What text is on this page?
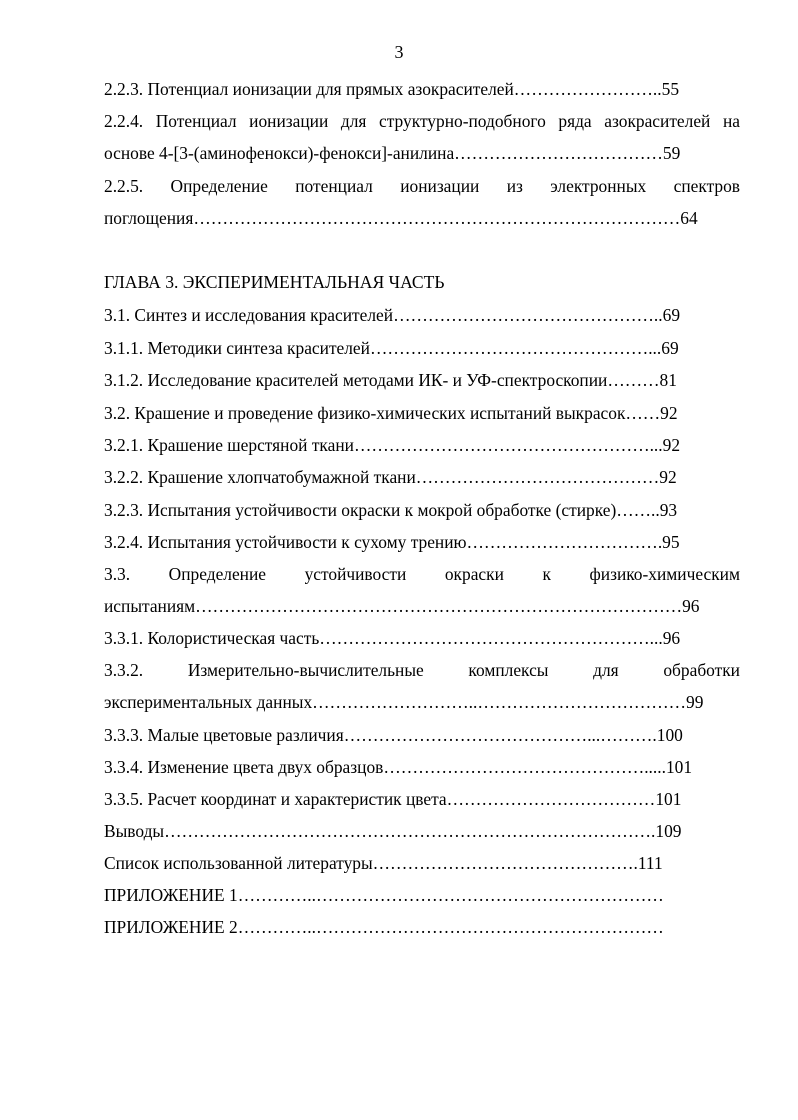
3
2.2.3. Потенциал ионизации для прямых азокрасителей……………………..55
2.2.4. Потенциал ионизации для структурно-подобного ряда азокрасителей на
основе 4-[3-(аминофенокси)-фенокси]-анилина………………………………59
2.2.5. Определение потенциал ионизации из электронных спектров
поглощения…………………………………………………………………………64
ГЛАВА 3. ЭКСПЕРИМЕНТАЛЬНАЯ ЧАСТЬ
3.1. Синтез и исследования красителей………………………………………..69
3.1.1. Методики синтеза красителей…………………………………………...69
3.1.2. Исследование красителей методами ИК- и УФ-спектроскопии………81
3.2. Крашение и проведение физико-химических испытаний выкрасок……92
3.2.1. Крашение шерстяной ткани……………………………………………...92
3.2.2. Крашение хлопчатобумажной ткани……………………………………92
3.2.3. Испытания устойчивости окраски к мокрой обработке (стирке)……..93
3.2.4. Испытания устойчивости к сухому трению…………………………….95
3.3. Определение устойчивости окраски к физико-химическим
испытаниям…………………………………………………………………………96
3.3.1. Колористическая часть…………………………………………………...96
3.3.2. Измерительно-вычислительные комплексы для обработки
экспериментальных данных………………………..………………………………99
3.3.3. Малые цветовые различия……………………………………...……….100
3.3.4. Изменение цвета двух образцов……………………………………….....101
3.3.5. Расчет координат и характеристик цвета………………………………101
Выводы………………………………………………………………………….109
Список использованной литературы……………………………………….111
ПРИЛОЖЕНИЕ 1…………..……………………………………………………
ПРИЛОЖЕНИЕ 2…………..……………………………………………………
